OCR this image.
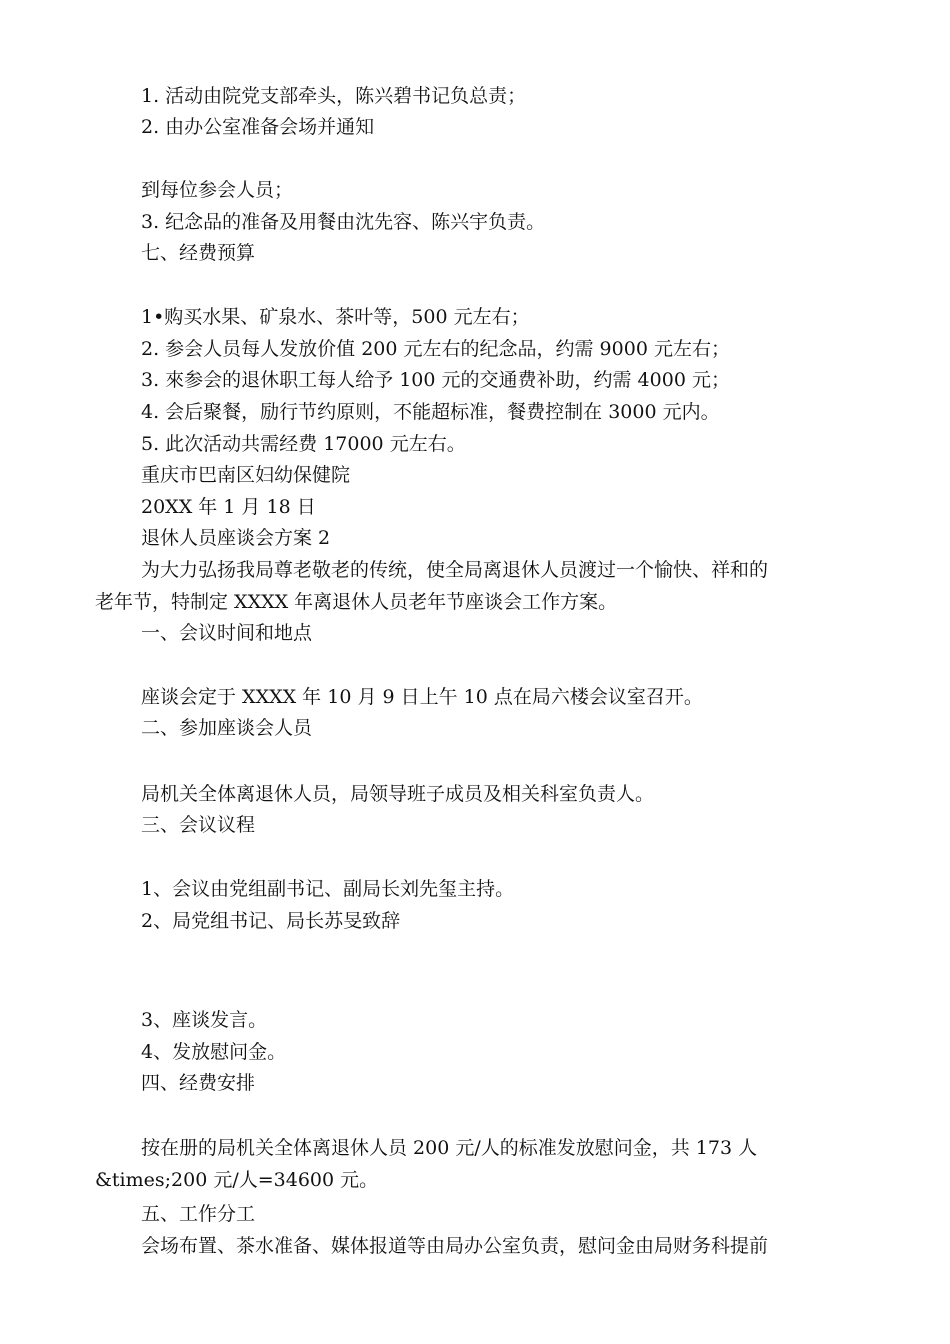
1. 活动由院党支部牵头，陈兴碧书记负总责；

2. 由办公室准备会场并通知

到每位参会人员；

3. 纪念品的准备及用餐由沈先容、陈兴宇负责。

七、经费预算

1•购买水果、矿泉水、茶叶等，500 元左右；

2. 参会人员每人发放价值 200 元左右的纪念品，约需 9000 元左右；

3. 來参会的退休职工每人给予 100 元的交通费补助，约需 4000 元；

4. 会后聚餐，励行节约原则，不能超标准，餐费控制在 3000 元内。

5. 此次活动共需经费 17000 元左右。

重庆市巴南区妇幼保健院

20XX 年 1 月 18 日

退休人员座谈会方案 2

为大力弘扬我局尊老敬老的传统，使全局离退休人员渡过一个愉快、祥和的

老年节，特制定 XXXX 年离退休人员老年节座谈会工作方案。

一、会议时间和地点

座谈会定于 XXXX 年 10 月 9 日上午 10 点在局六楼会议室召开。

二、参加座谈会人员

局机关全体离退休人员，局领导班子成员及相关科室负责人。

三、会议议程

1、会议由党组副书记、副局长刘先玺主持。

2、局党组书记、局长苏旻致辞

3、座谈发言。

4、发放慰问金。

四、经费安排

按在册的局机关全体离退休人员 200 元/人的标准发放慰问金，共 173 人

&times;200 元/人=34600 元。

五、工作分工

会场布置、茶水准备、媒体报道等由局办公室负责，慰问金由局财务科提前
